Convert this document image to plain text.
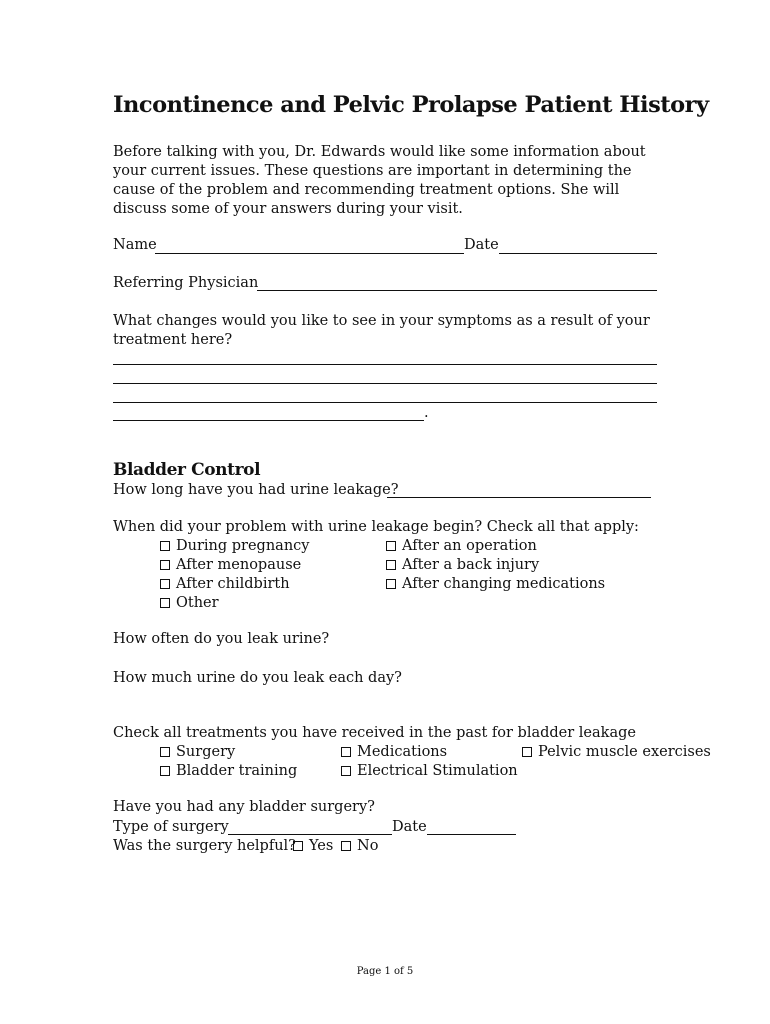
Incontinence and Pelvic Prolapse Patient History
Before talking with you, Dr. Edwards would like some information about your current issues. These questions are important in determining the cause of the problem and recommending treatment options. She will discuss some of your answers during your visit.
Name	Date
Referring Physician
What changes would you like to see in your symptoms as a result of your treatment here?
.
Bladder Control
How long have you had urine leakage?
When did your problem with urine leakage begin? Check all that apply:
During pregnancy	After an operation
After menopause	After a back injury
After childbirth	After changing medications
Other
How often do you leak urine?
How much urine do you leak each day?
Check all treatments you have received in the past for bladder leakage
Surgery	Medications	Pelvic muscle exercises
Bladder training	Electrical Stimulation
Have you had any bladder surgery?
Type of surgery	Date
Was the surgery helpful? Yes	No
Page 1 of 5
